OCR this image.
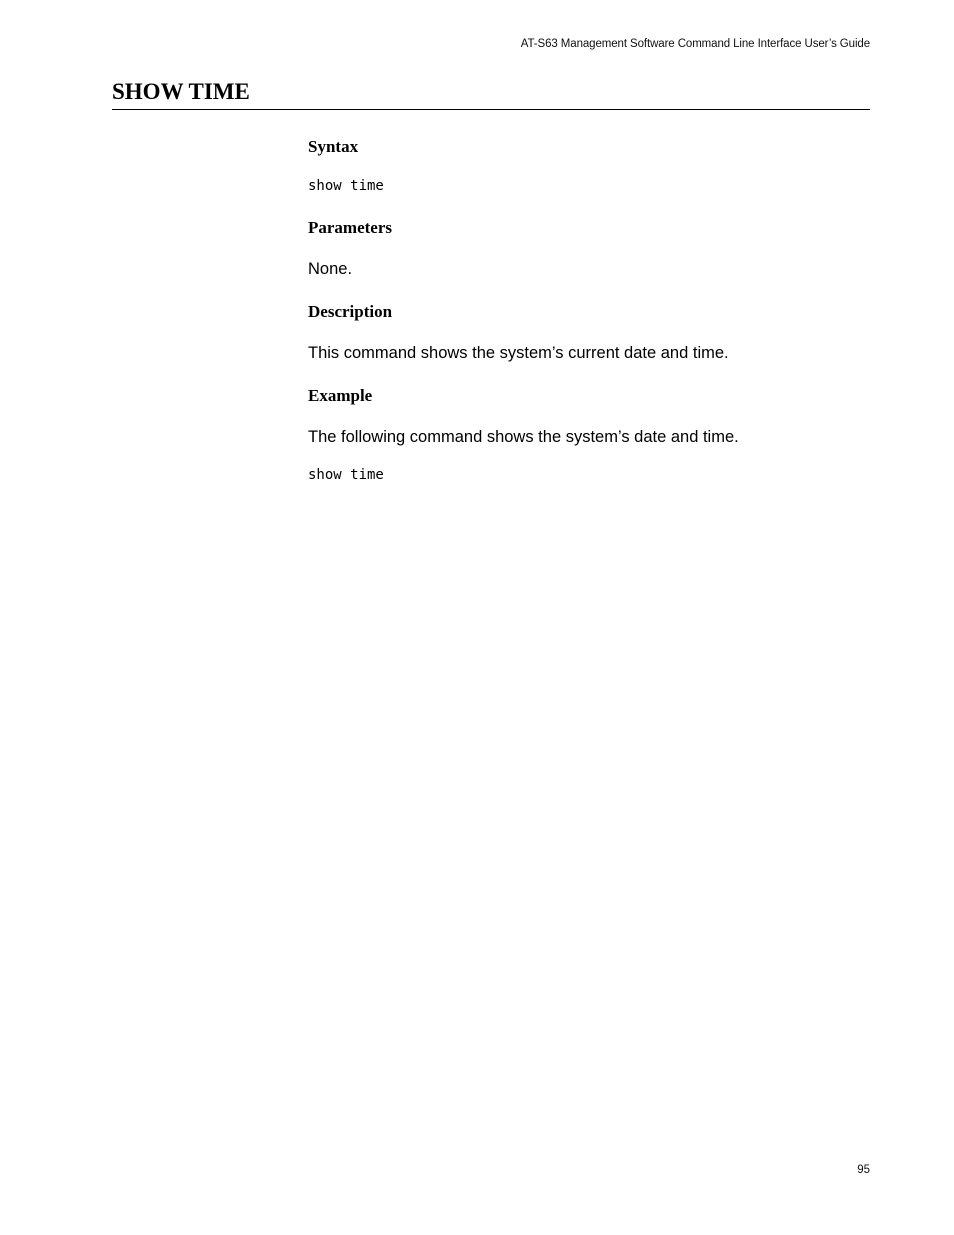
AT-S63 Management Software Command Line Interface User’s Guide
SHOW TIME
Syntax
show time
Parameters

None.

Description

This command shows the system’s current date and time.

Example

The following command shows the system’s date and time.

show time
95
